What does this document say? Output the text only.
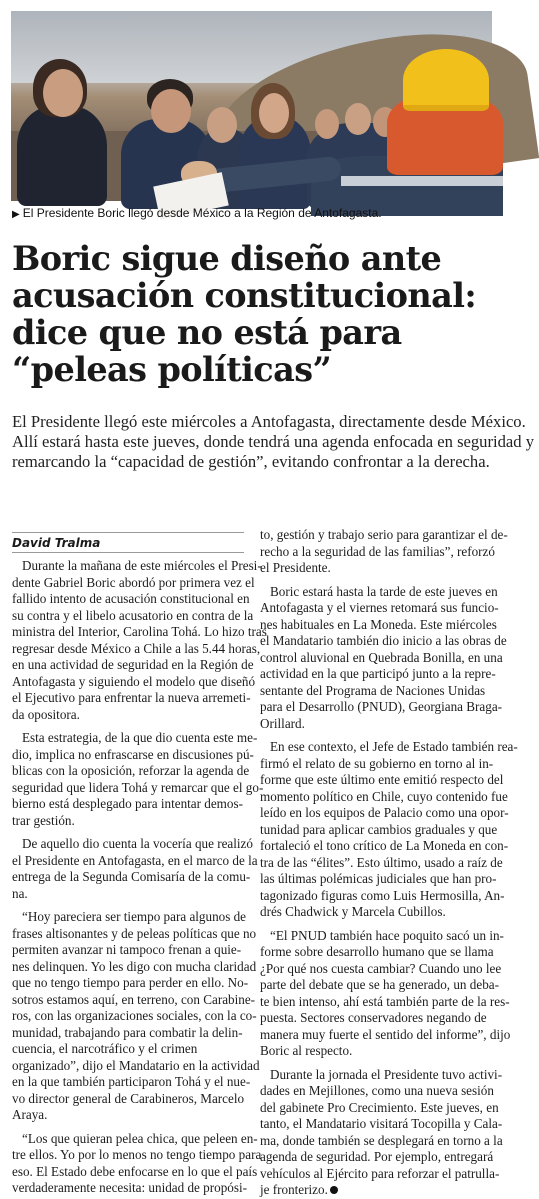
▶ El Presidente Boric llegó desde México a la Región de Antofagasta.
Boric sigue diseño ante
acusación constitucional:
dice que no está para
“peleas políticas”

El Presidente llegó este miércoles a Antofagasta, directamente desde México.
Allí estará hasta este jueves, donde tendrá una agenda enfocada en seguridad y
remarcando la “capacidad de gestión”, evitando confrontar a la derecha.

David Tralma
Durante la mañana de este miércoles el Presi-
dente Gabriel Boric abordó por primera vez el
fallido intento de acusación constitucional en
su contra y el libelo acusatorio en contra de la
ministra del Interior, Carolina Tohá. Lo hizo tras
regresar desde México a Chile a las 5.44 horas,
en una actividad de seguridad en la Región de
Antofagasta y siguiendo el modelo que diseñó
el Ejecutivo para enfrentar la nueva arremeti-
da opositora.
Esta estrategia, de la que dio cuenta este me-
dio, implica no enfrascarse en discusiones pú-
blicas con la oposición, reforzar la agenda de
seguridad que lidera Tohá y remarcar que el go-
bierno está desplegado para intentar demos-
trar gestión.
De aquello dio cuenta la vocería que realizó
el Presidente en Antofagasta, en el marco de la
entrega de la Segunda Comisaría de la comu-
na.
“Hoy pareciera ser tiempo para algunos de
frases altisonantes y de peleas políticas que no
permiten avanzar ni tampoco frenan a quie-
nes delinquen. Yo les digo con mucha claridad
que no tengo tiempo para perder en ello. No-
sotros estamos aquí, en terreno, con Carabine-
ros, con las organizaciones sociales, con la co-
munidad, trabajando para combatir la delin-
cuencia, el narcotráfico y el crimen
organizado”, dijo el Mandatario en la actividad
en la que también participaron Tohá y el nue-
vo director general de Carabineros, Marcelo
Araya.
“Los que quieran pelea chica, que peleen en-
tre ellos. Yo por lo menos no tengo tiempo para
eso. El Estado debe enfocarse en lo que el país
verdaderamente necesita: unidad de propósi-
to, gestión y trabajo serio para garantizar el de-
recho a la seguridad de las familias”, reforzó
el Presidente.
Boric estará hasta la tarde de este jueves en
Antofagasta y el viernes retomará sus funcio-
nes habituales en La Moneda. Este miércoles
el Mandatario también dio inicio a las obras de
control aluvional en Quebrada Bonilla, en una
actividad en la que participó junto a la repre-
sentante del Programa de Naciones Unidas
para el Desarrollo (PNUD), Georgiana Braga-
Orillard.
En ese contexto, el Jefe de Estado también rea-
firmó el relato de su gobierno en torno al in-
forme que este último ente emitió respecto del
momento político en Chile, cuyo contenido fue
leído en los equipos de Palacio como una opor-
tunidad para aplicar cambios graduales y que
fortaleció el tono crítico de La Moneda en con-
tra de las “élites”. Esto último, usado a raíz de
las últimas polémicas judiciales que han pro-
tagonizado figuras como Luis Hermosilla, An-
drés Chadwick y Marcela Cubillos.
“El PNUD también hace poquito sacó un in-
forme sobre desarrollo humano que se llama
¿Por qué nos cuesta cambiar? Cuando uno lee
parte del debate que se ha generado, un deba-
te bien intenso, ahí está también parte de la res-
puesta. Sectores conservadores negando de
manera muy fuerte el sentido del informe”, dijo
Boric al respecto.
Durante la jornada el Presidente tuvo activi-
dades en Mejillones, como una nueva sesión
del gabinete Pro Crecimiento. Este jueves, en
tanto, el Mandatario visitará Tocopilla y Cala-
ma, donde también se desplegará en torno a la
agenda de seguridad. Por ejemplo, entregará
vehículos al Ejército para reforzar el patrulla-
je fronterizo.
